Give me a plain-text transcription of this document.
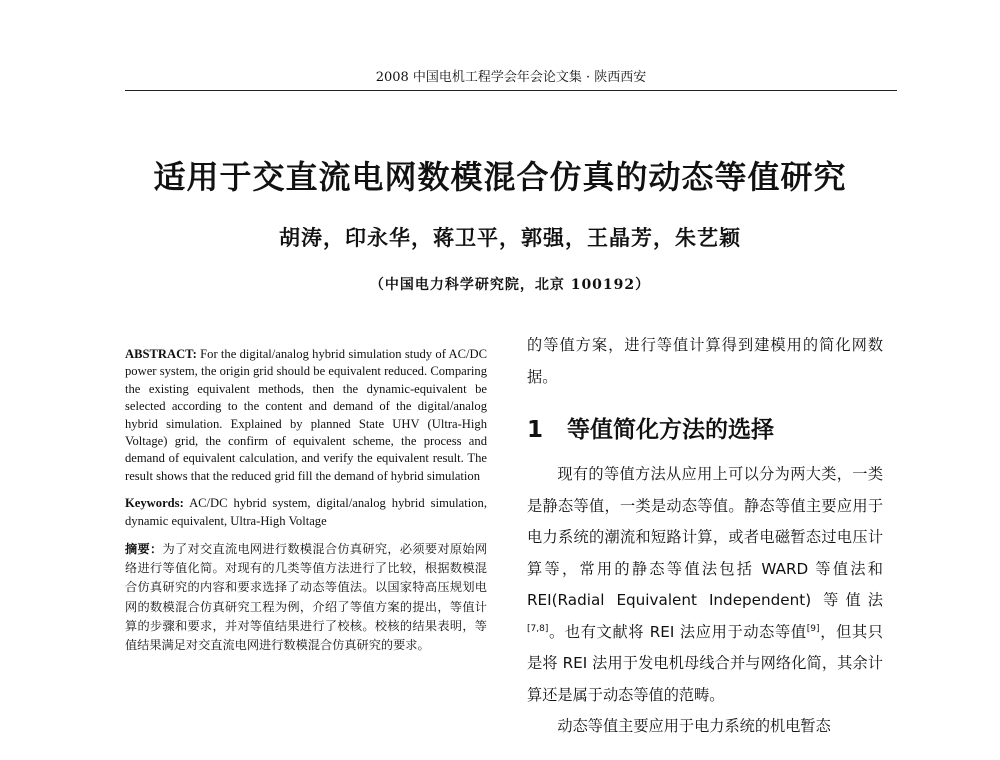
2008 中国电机工程学会年会论文集 · 陕西西安
适用于交直流电网数模混合仿真的动态等值研究
胡涛，印永华，蒋卫平，郭强，王晶芳，朱艺颖
（中国电力科学研究院，北京 100192）

ABSTRACT: For the digital/analog hybrid simulation study of AC/DC power system, the origin grid should be equivalent reduced. Comparing the existing equivalent methods, then the dynamic-equivalent be selected according to the content and demand of the digital/analog hybrid simulation. Explained by planned State UHV (Ultra-High Voltage) grid, the confirm of equivalent scheme, the process and demand of equivalent calculation, and verify the equivalent result. The result shows that the reduced grid fill the demand of hybrid simulation

Keywords: AC/DC hybrid system, digital/analog hybrid simulation, dynamic equivalent, Ultra-High Voltage

摘要：为了对交直流电网进行数模混合仿真研究，必须要对原始网络进行等值化简。对现有的几类等值方法进行了比较，根据数模混合仿真研究的内容和要求选择了动态等值法。以国家特高压规划电网的数模混合仿真研究工程为例，介绍了等值方案的提出，等值计算的步骤和要求，并对等值结果进行了校核。校核的结果表明，等值结果满足对交直流电网进行数模混合仿真研究的要求。

的等值方案，进行等值计算得到建模用的简化网数据。

1 等值简化方法的选择

现有的等值方法从应用上可以分为两大类，一类是静态等值，一类是动态等值。静态等值主要应用于电力系统的潮流和短路计算，或者电磁暂态过电压计算等，常用的静态等值法包括 WARD 等值法和 REI(Radial Equivalent Independent) 等值法[7,8]。也有文献将 REI 法应用于动态等值[9]，但其只是将 REI 法用于发电机母线合并与网络化简，其余计算还是属于动态等值的范畴。

动态等值主要应用于电力系统的机电暂态
